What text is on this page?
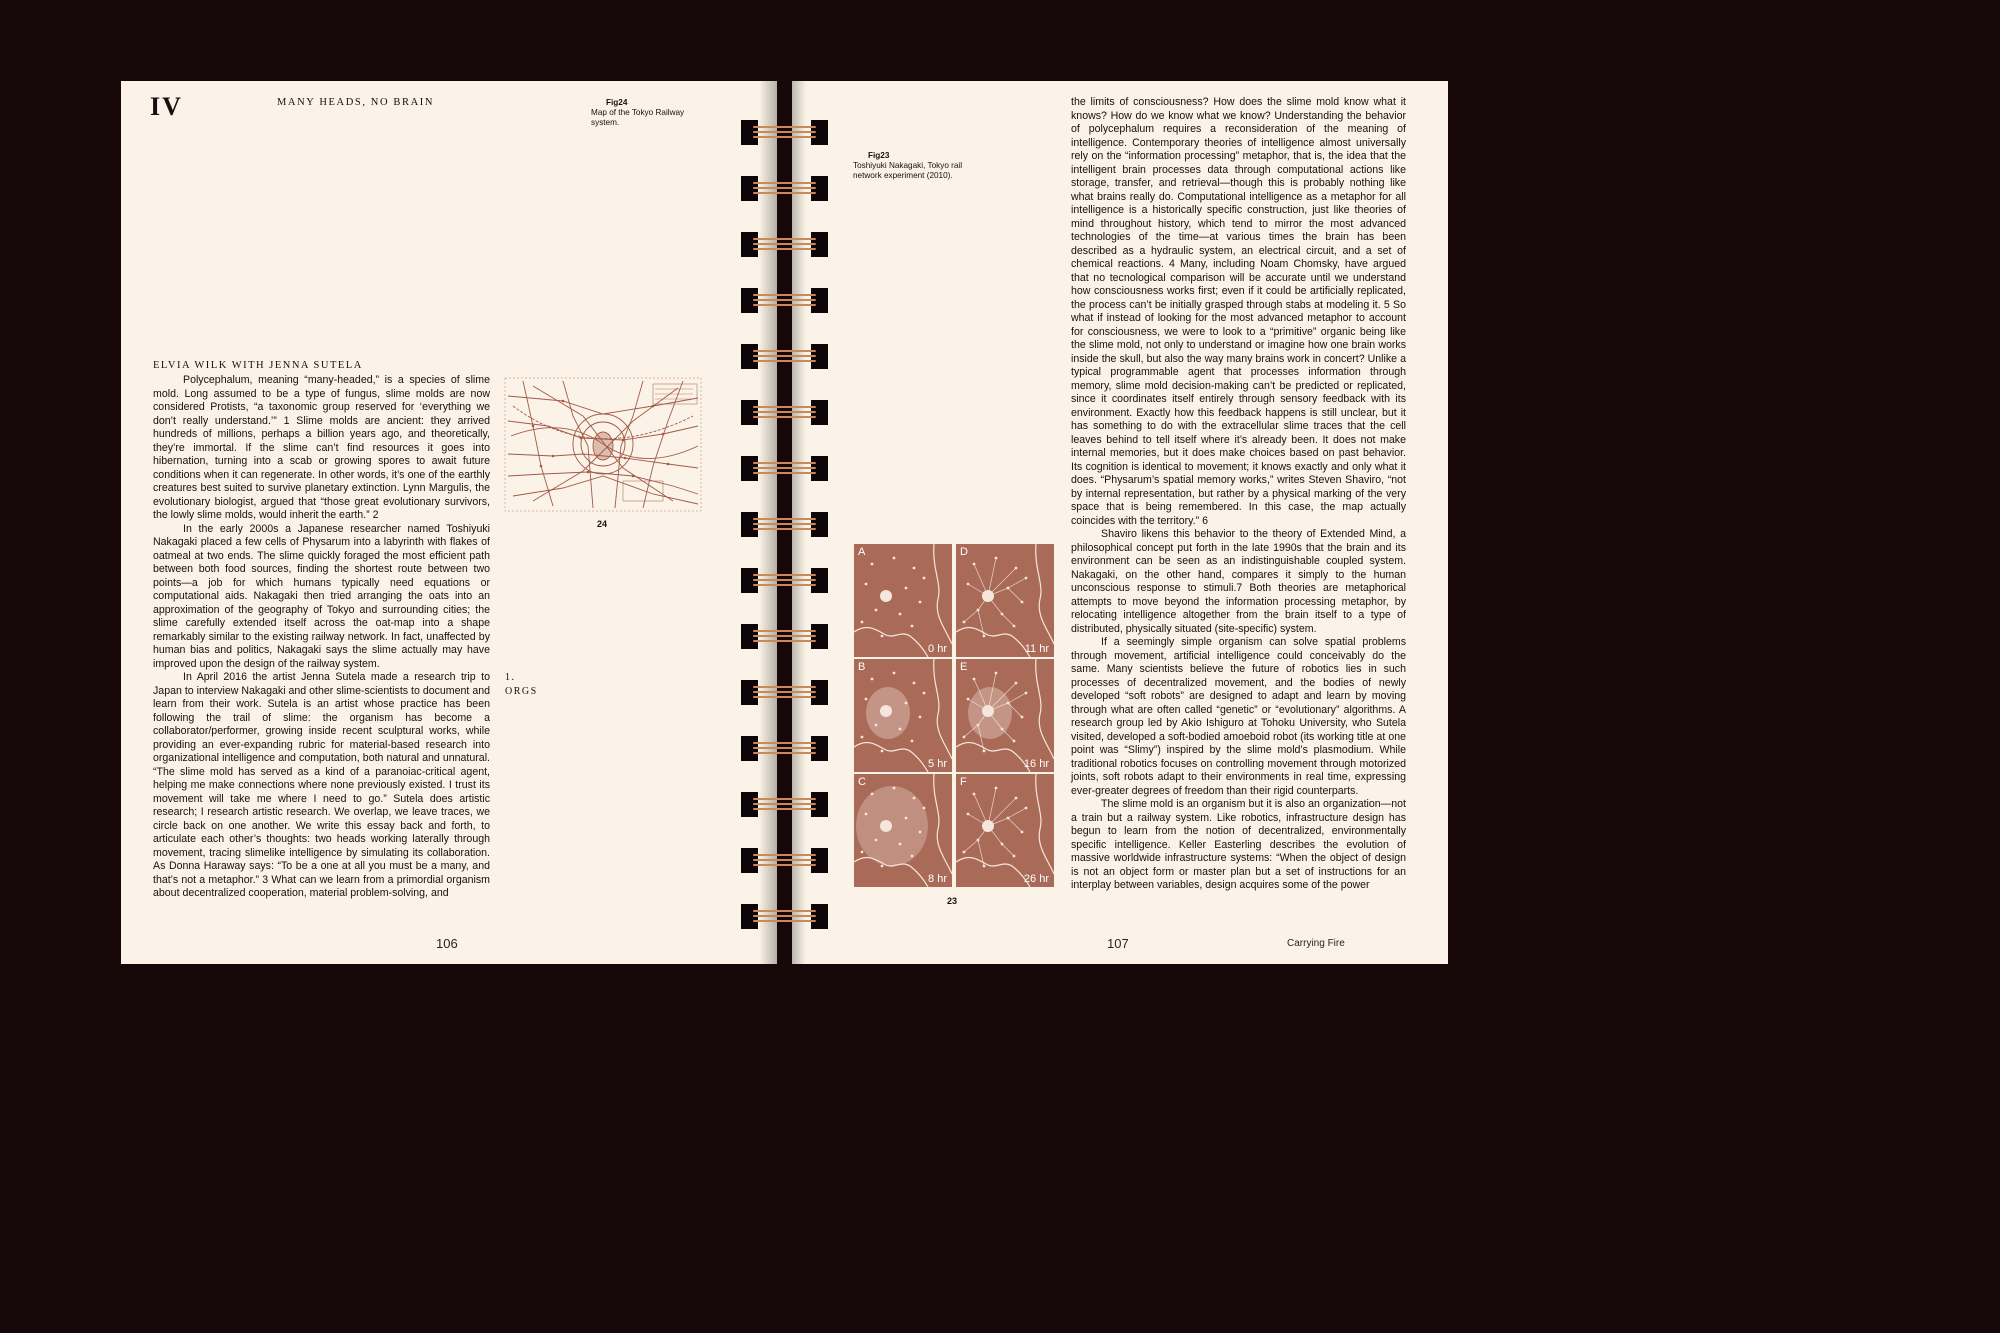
IV	MANY HEADS, NO BRAIN	Fig24
Map of the Tokyo Railway system.
ELVIA WILK WITH JENNA SUTELA

Polycephalum, meaning “many-headed,” is a species of slime mold. Long assumed to be a type of fungus, slime molds are now considered Protists, “a taxonomic group reserved for ‘everything we don’t really understand.’” 1 Slime molds are ancient: they arrived hundreds of millions, perhaps a billion years ago, and theoretically, they’re immortal. If the slime can’t find resources it goes into hibernation, turning into a scab or growing spores to await future conditions when it can regenerate. In other words, it’s one of the earthly creatures best suited to survive planetary extinction. Lynn Margulis, the evolutionary biologist, argued that “those great evolutionary survivors, the lowly slime molds, would inherit the earth.” 2

In the early 2000s a Japanese researcher named Toshiyuki Nakagaki placed a few cells of Physarum into a labyrinth with flakes of oatmeal at two ends. The slime quickly foraged the most efficient path between both food sources, finding the shortest route between two points—a job for which humans typically need equations or computational aids. Nakagaki then tried arranging the oats into an approximation of the geography of Tokyo and surrounding cities; the slime carefully extended itself across the oat-map into a shape remarkably similar to the existing railway network. In fact, unaffected by human bias and politics, Nakagaki says the slime actually may have improved upon the design of the railway system.

In April 2016 the artist Jenna Sutela made a research trip to Japan to interview Nakagaki and other slime-scientists to document and learn from their work. Sutela is an artist whose practice has been following the trail of slime: the organism has become a collaborator/performer, growing inside recent sculptural works, while providing an ever-expanding rubric for material-based research into organizational intelligence and computation, both natural and unnatural. “The slime mold has served as a kind of a paranoiac-critical agent, helping me make connections where none previously existed. I trust its movement will take me where I need to go.” Sutela does artistic research; I research artistic research. We overlap, we leave traces, we circle back on one another. We write this essay back and forth, to articulate each other’s thoughts: two heads working laterally through movement, tracing slimelike intelligence by simulating its collaboration. As Donna Haraway says: “To be a one at all you must be a many, and that’s not a metaphor.” 3 What can we learn from a primordial organism about decentralized cooperation, material problem-solving, and

24
1.
ORGS
106
Fig23
Toshiyuki Nakagaki, Tokyo rail network experiment (2010).
A
0 hr
D
11 hr
B
5 hr
E
16 hr
C
8 hr
F
26 hr
23

the limits of consciousness? How does the slime mold know what it knows? How do we know what we know? Understanding the behavior of polycephalum requires a reconsideration of the meaning of intelligence. Contemporary theories of intelligence almost universally rely on the “information processing” metaphor, that is, the idea that the intelligent brain processes data through computational actions like storage, transfer, and retrieval—though this is probably nothing like what brains really do. Computational intelligence as a metaphor for all intelligence is a historically specific construction, just like theories of mind throughout history, which tend to mirror the most advanced technologies of the time—at various times the brain has been described as a hydraulic system, an electrical circuit, and a set of chemical reactions. 4 Many, including Noam Chomsky, have argued that no tecnological comparison will be accurate until we understand how consciousness works first; even if it could be artificially replicated, the process can’t be initially grasped through stabs at modeling it. 5 So what if instead of looking for the most advanced metaphor to account for consciousness, we were to look to a “primitive” organic being like the slime mold, not only to understand or imagine how one brain works inside the skull, but also the way many brains work in concert? Unlike a typical programmable agent that processes information through memory, slime mold decision-making can’t be predicted or replicated, since it coordinates itself entirely through sensory feedback with its environment. Exactly how this feedback happens is still unclear, but it has something to do with the extracellular slime traces that the cell leaves behind to tell itself where it’s already been. It does not make internal memories, but it does make choices based on past behavior. Its cognition is identical to movement; it knows exactly and only what it does. “Physarum’s spatial memory works,” writes Steven Shaviro, “not by internal representation, but rather by a physical marking of the very space that is being remembered. In this case, the map actually coincides with the territory.” 6

Shaviro likens this behavior to the theory of Extended Mind, a philosophical concept put forth in the late 1990s that the brain and its environment can be seen as an indistinguishable coupled system. Nakagaki, on the other hand, compares it simply to the human unconscious response to stimuli.7 Both theories are metaphorical attempts to move beyond the information processing metaphor, by relocating intelligence altogether from the brain itself to a type of distributed, physically situated (site-specific) system.

If a seemingly simple organism can solve spatial problems through movement, artificial intelligence could conceivably do the same. Many scientists believe the future of robotics lies in such processes of decentralized movement, and the bodies of newly developed “soft robots” are designed to adapt and learn by moving through what are often called “genetic” or “evolutionary” algorithms. A research group led by Akio Ishiguro at Tohoku University, who Sutela visited, developed a soft-bodied amoeboid robot (its working title at one point was “Slimy”) inspired by the slime mold’s plasmodium. While traditional robotics focuses on controlling movement through motorized joints, soft robots adapt to their environments in real time, expressing ever-greater degrees of freedom than their rigid counterparts.

The slime mold is an organism but it is also an organization—not a train but a railway system. Like robotics, infrastructure design has begun to learn from the notion of decentralized, environmentally specific intelligence. Keller Easterling describes the evolution of massive worldwide infrastructure systems: “When the object of design is not an object form or master plan but a set of instructions for an interplay between variables, design acquires some of the power

107	Carrying Fire
